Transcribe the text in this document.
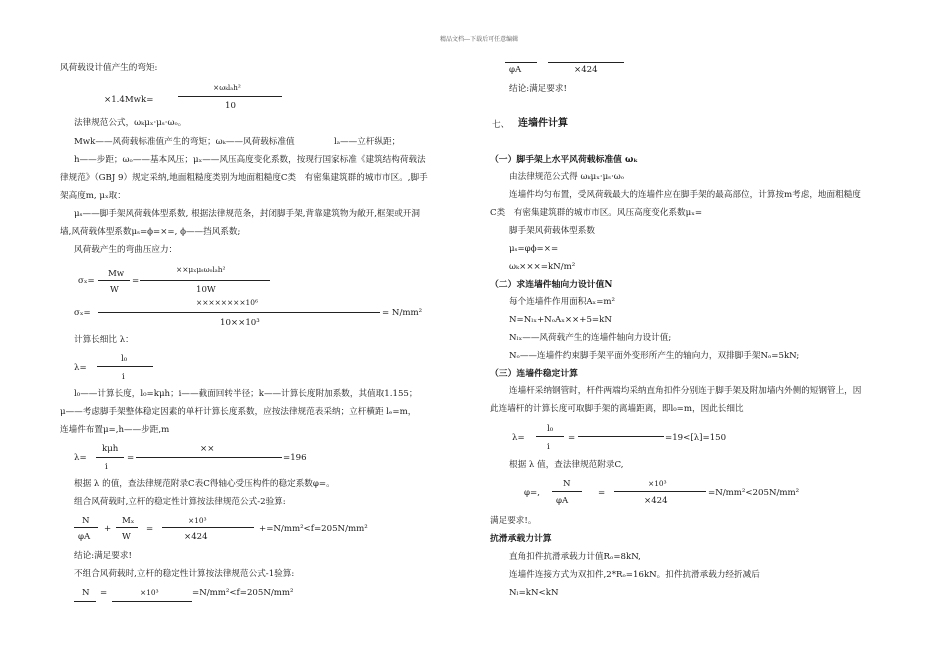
精品文档---下载后可任意编辑
风荷载设计值产生的弯矩:
×ωₖlₐh²
×1.4Mwk=
10
法律规范公式，ωₖμₓ·μₛ·ωₒ。
Mwk——风荷载标准值产生的弯矩；ωₖ——风荷载标准值	lₐ——立杆纵距；
h——步距；ωₒ——基本风压；μₓ——风压高度变化系数，按现行国家标准《建筑结构荷载法
律规范》（GBJ 9）规定采纳,地面粗糙度类别为地面粗糙度C类　有密集建筑群的城市市区。,脚手
架高度m, μₓ取：
μₛ——脚手架风荷载体型系数, 根据法律规范条，封闭脚手架,背靠建筑物为敞开,框架或开洞
墙,风荷载体型系数μₛ=ϕ=×=, ϕ——挡风系数;
风荷载产生的弯曲压应力：
××μₓμₛωₒlₐh²
Mw
σₓ=	=
W	10W
××××××××10⁶
σₓ=	= N/mm²
10××10³
计算长细比 λ：
l₀
λ=
i
l₀——计算长度，l₀=kμh；i——截面回转半径；k——计算长度附加系数，其值取1.155；
μ——考虑脚手架整体稳定因素的单杆计算长度系数，应按法律规范表采纳；立杆横距 lₑ=m，
连墙件布置μ=,h——步距,m
kμh	××
λ=	=	=196
i
根据 λ 的值，查法律规范附录C表C得轴心受压构件的稳定系数φ=。
组合风荷载时,立杆的稳定性计算按法律规范公式-2验算:
N	Mₓ	×10³
+	=	+=N/mm²<f=205N/mm²
φA	W	×424
结论:满足要求!
不组合风荷载时,立杆的稳定性计算按法律规范公式-1验算:
N =	×10³	=N/mm²<f=205N/mm²
φA	×424
结论:满足要求!
七、 连墙件计算
（一）脚手架上水平风荷载标准值 ωₖ
由法律规范公式得 ωₖμₓ·μₛ·ωₒ
连墙件均匀布置，受风荷载最大的连墙件应在脚手架的最高部位，计算按m考虑，地面粗糙度
C类　有密集建筑群的城市市区。风压高度变化系数μₓ=
脚手架风荷载体型系数
μₛ=φϕ=×=
ωₖ×××=kN/m²
（二）求连墙件轴向力设计值N
每个连墙件作用面积Aₓ=m²
N=Nₗₓ+NₒAₓ××+5=kN
Nₗₓ——风荷载产生的连墙件轴向力设计值;
Nₒ——连墙件约束脚手架平面外变形所产生的轴向力，双排脚手架Nₒ=5kN;
（三）连墙件稳定计算
连墙杆采纳钢管时，杆件两端均采纳直角扣件分别连于脚手架及附加墙内外侧的短钢管上，因
此连墙杆的计算长度可取脚手架的离墙距离，即l₀=m，因此长细比
l₀
λ=	=	=19<[λ]=150
i
根据 λ 值，查法律规范附录C,
N	×10³
φ=,	=	=N/mm²<205N/mm²
φA	×424
满足要求!。
抗滑承载力计算
直角扣件抗滑承载力计值Rₒ=8kN,
连墙件连接方式为双扣件,2*Rₒ=16kN。扣件抗滑承载力经折减后
Nₗ=kN<kN
